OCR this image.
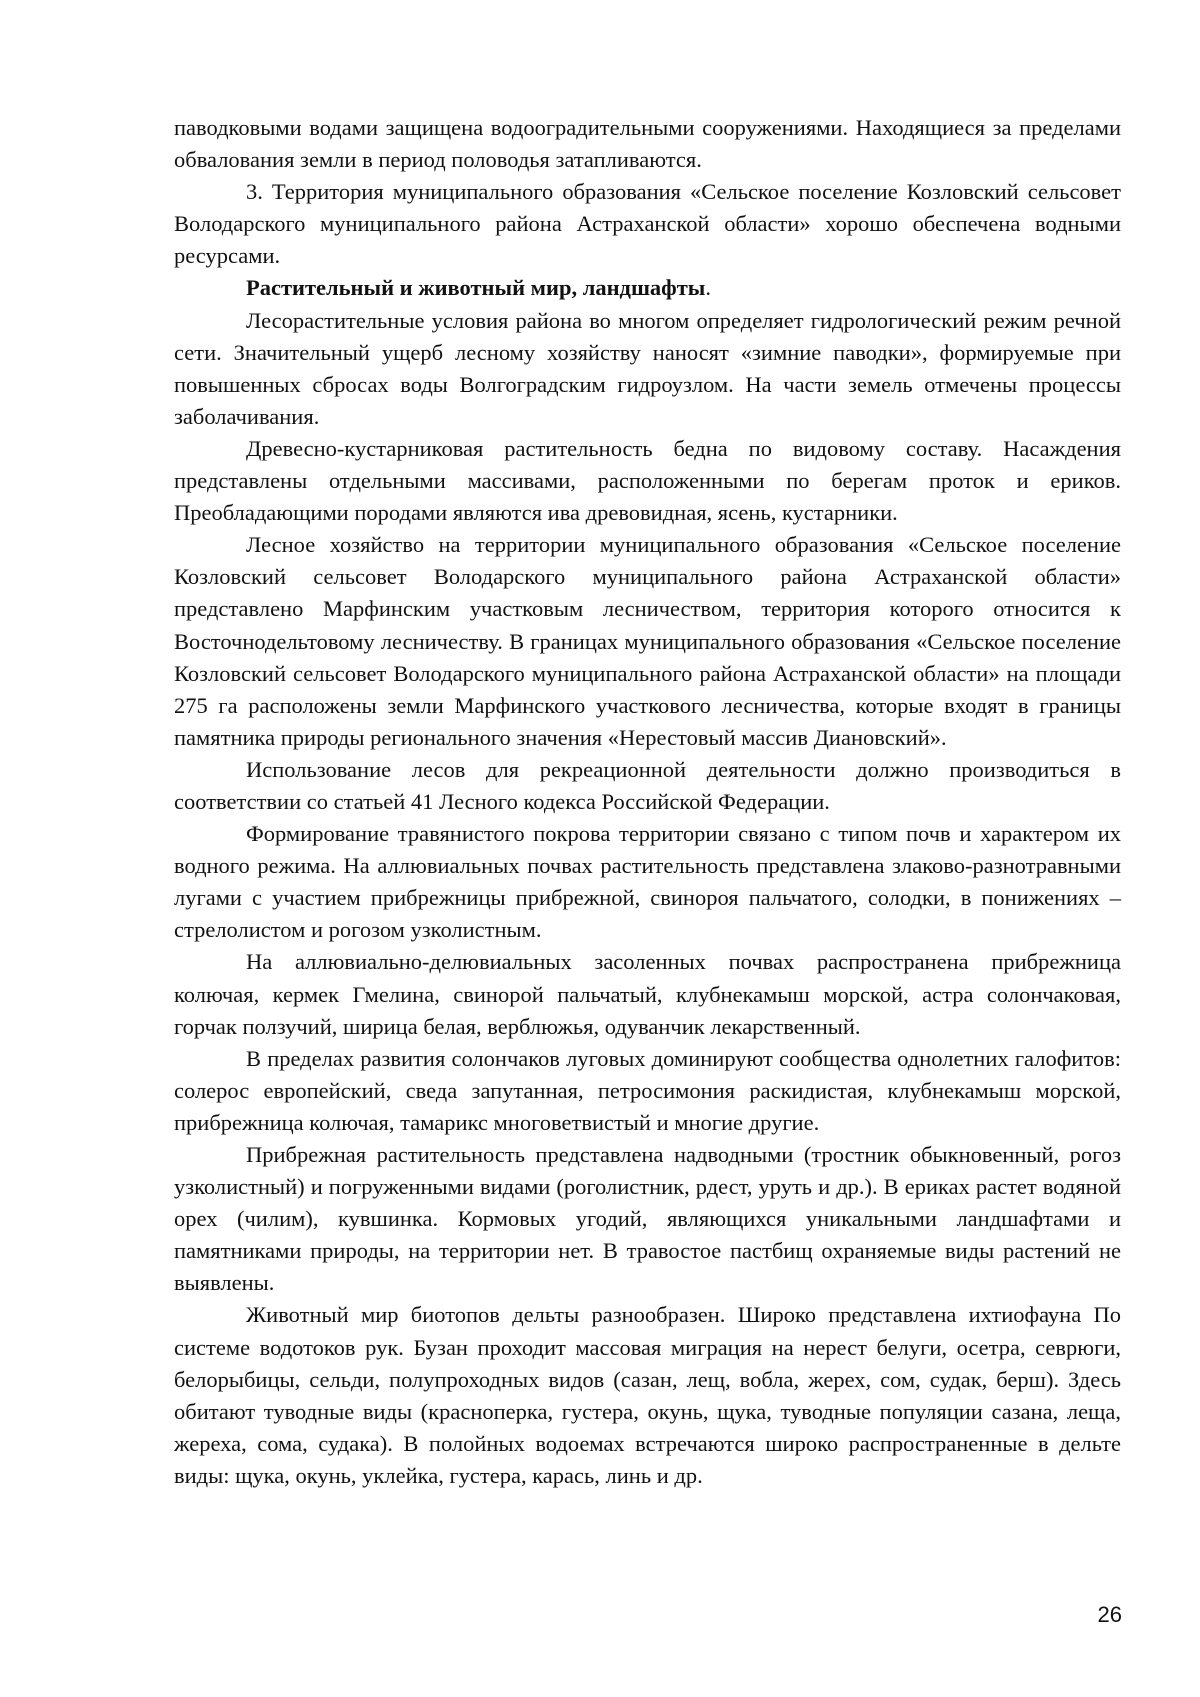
паводковыми водами защищена водооградительными сооружениями. Находящиеся за пределами обвалования земли в период половодья затапливаются.

3. Территория муниципального образования «Сельское поселение Козловский сельсовет Володарского муниципального района Астраханской области» хорошо обеспечена водными ресурсами.

Растительный и животный мир, ландшафты.

Лесорастительные условия района во многом определяет гидрологический режим речной сети. Значительный ущерб лесному хозяйству наносят «зимние паводки», формируемые при повышенных сбросах воды Волгоградским гидроузлом. На части земель отмечены процессы заболачивания.

Древесно-кустарниковая растительность бедна по видовому составу. Насаждения представлены отдельными массивами, расположенными по берегам проток и ериков. Преобладающими породами являются ива древовидная, ясень, кустарники.

Лесное хозяйство на территории муниципального образования «Сельское поселение Козловский сельсовет Володарского муниципального района Астраханской области» представлено Марфинским участковым лесничеством, территория которого относится к Восточнодельтовому лесничеству. В границах муниципального образования «Сельское поселение Козловский сельсовет Володарского муниципального района Астраханской области» на площади 275 га расположены земли Марфинского участкового лесничества, которые входят в границы памятника природы регионального значения «Нерестовый массив Диановский».

Использование лесов для рекреационной деятельности должно производиться в соответствии со статьей 41 Лесного кодекса Российской Федерации.

Формирование травянистого покрова территории связано с типом почв и характером их водного режима. На аллювиальных почвах растительность представлена злаково-разнотравными лугами с участием прибрежницы прибрежной, свинороя пальчатого, солодки, в понижениях – стрелолистом и рогозом узколистным.

На аллювиально-делювиальных засоленных почвах распространена прибрежница колючая, кермек Гмелина, свинорой пальчатый, клубнекамыш морской, астра солончаковая, горчак ползучий, ширица белая, верблюжья, одуванчик лекарственный.

В пределах развития солончаков луговых доминируют сообщества однолетних галофитов: солерос европейский, сведа запутанная, петросимония раскидистая, клубнекамыш морской, прибрежница колючая, тамарикс многоветвистый и многие другие.

Прибрежная растительность представлена надводными (тростник обыкновенный, рогоз узколистный) и погруженными видами (роголистник, рдест, уруть и др.). В ериках растет водяной орех (чилим), кувшинка. Кормовых угодий, являющихся уникальными ландшафтами и памятниками природы, на территории нет. В травостое пастбищ охраняемые виды растений не выявлены.

Животный мир биотопов дельты разнообразен. Широко представлена ихтиофауна По системе водотоков рук. Бузан проходит массовая миграция на нерест белуги, осетра, севрюги, белорыбицы, сельди, полупроходных видов (сазан, лещ, вобла, жерех, сом, судак, берш). Здесь обитают туводные виды (красноперка, густера, окунь, щука, туводные популяции сазана, леща, жереха, сома, судака). В полойных водоемах встречаются широко распространенные в дельте виды: щука, окунь, уклейка, густера, карась, линь и др.

26
